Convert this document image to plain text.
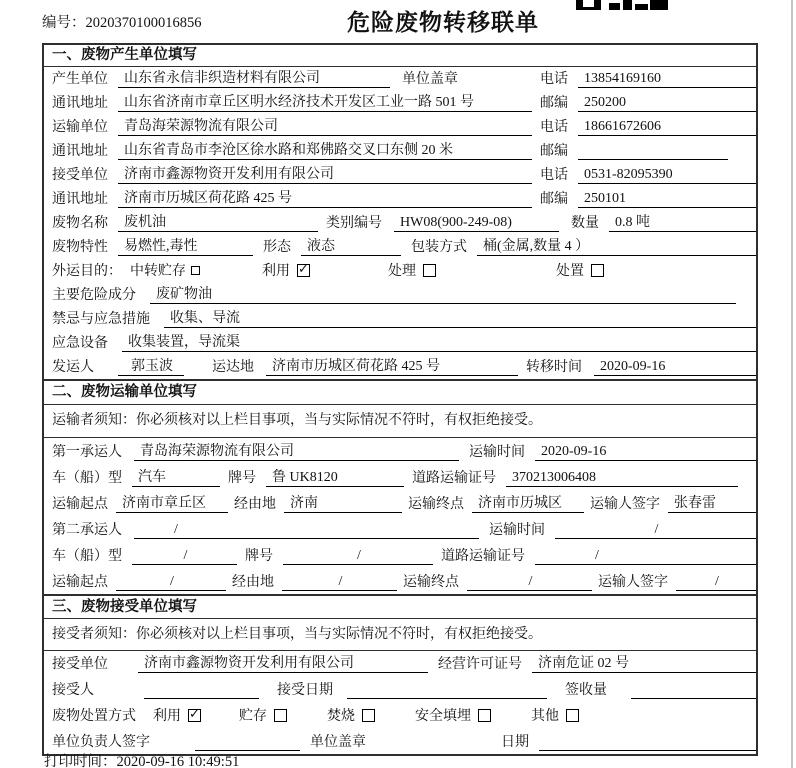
编号：2020370100016856	危险废物转移联单
一、废物产生单位填写
产生单位	山东省永信非织造材料有限公司	单位盖章	电话	13854169160
通讯地址	山东省济南市章丘区明水经济技术开发区工业一路 501 号	邮编	250200
运输单位	青岛海荣源物流有限公司	电话	18661672606
通讯地址	山东省青岛市李沧区徐水路和郑佛路交叉口东侧 20 米	邮编
接受单位	济南市鑫源物资开发利用有限公司	电话	0531-82095390
通讯地址	济南市历城区荷花路 425 号	邮编	250101
废物名称	废机油	类别编号	HW08(900-249-08)	数量	0.8 吨
废物特性	易燃性,毒性	形态	液态	包装方式	桶(金属,数量 4 ）
外运目的： 中转贮存	利用 ✓	处理	处置
主要危险成分	废矿物油
禁忌与应急措施	收集、导流
应急设备	收集装置，导流渠
发运人	郭玉波	运达地	济南市历城区荷花路 425 号	转移时间	2020-09-16
二、废物运输单位填写
运输者须知：你必须核对以上栏目事项，当与实际情况不符时，有权拒绝接受。
第一承运人	青岛海荣源物流有限公司	运输时间	2020-09-16
车（船）型	汽车	牌号	鲁 UK8120	道路运输证号	370213006408
运输起点	济南市章丘区	经由地	济南	运输终点	济南市历城区	运输人签字	张春雷
第二承运人	/	运输时间	/
车（船）型	/	牌号	/	道路运输证号	/
运输起点	/	经由地	/	运输终点	/	运输人签字	/
三、废物接受单位填写
接受者须知：你必须核对以上栏目事项，当与实际情况不符时，有权拒绝接受。
接受单位	济南市鑫源物资开发利用有限公司	经营许可证号	济南危证 02 号
接受人	接受日期	签收量
废物处置方式 利用 ✓	贮存	焚烧	安全填埋	其他
单位负责人签字	单位盖章	日期
打印时间：2020-09-16 10:49:51
